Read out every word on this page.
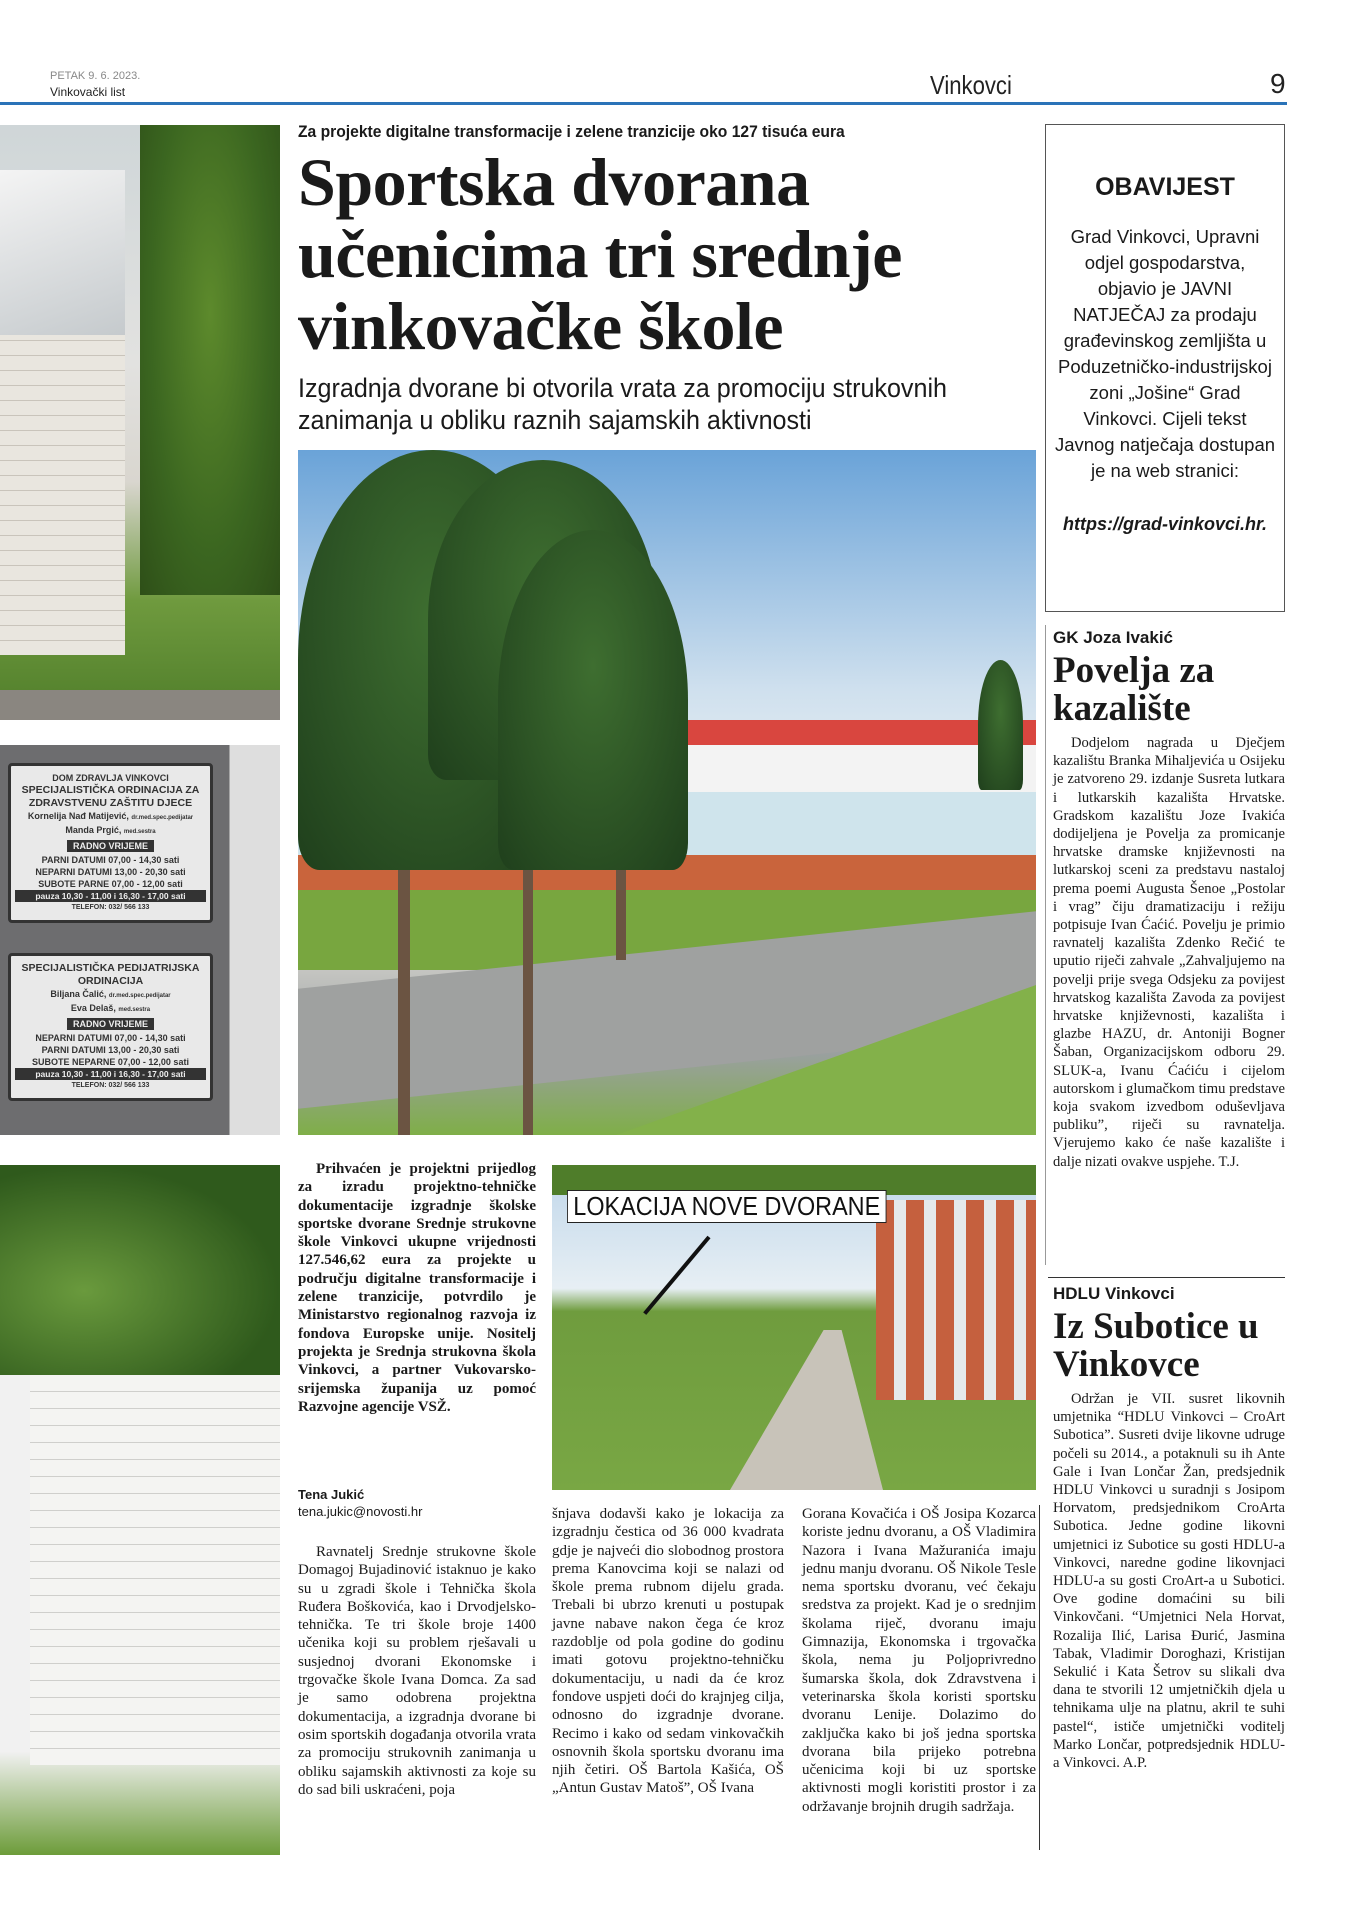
PETAK 9. 6. 2023.
Vinkovački list	Vinkovci	9
DOM ZDRAVLJA VINKOVCI
SPECIJALISTIČKA ORDINACIJA ZA
ZDRAVSTVENU ZAŠTITU DJECE
Kornelija Nađ Matijević, dr.med.spec.pedijatar
Manda Prgić, med.sestra
RADNO VRIJEME
PARNI DATUMI 07,00 - 14,30 sati
NEPARNI DATUMI 13,00 - 20,30 sati
SUBOTE PARNE 07,00 - 12,00 sati
pauza 10,30 - 11,00 i 16,30 - 17,00 sati
TELEFON: 032/ 566 133
SPECIJALISTIČKA PEDIJATRIJSKA
ORDINACIJA
Biljana Čalić, dr.med.spec.pedijatar
Eva Delaš, med.sestra
RADNO VRIJEME
NEPARNI DATUMI 07,00 - 14,30 sati
PARNI DATUMI 13,00 - 20,30 sati
SUBOTE NEPARNE 07,00 - 12,00 sati
pauza 10,30 - 11,00 i 16,30 - 17,00 sati
TELEFON: 032/ 566 133
Za projekte digitalne transformacije i zelene tranzicije oko 127 tisuća eura
Sportska dvorana
učenicima tri srednje
vinkovačke škole
Izgradnja dvorane bi otvorila vrata za promociju strukovnih
zanimanja u obliku raznih sajamskih aktivnosti
LOKACIJA NOVE DVORANE

Prihvaćen je projektni prijedlog za izradu projektno-tehničke dokumentacije izgradnje školske sportske dvorane Srednje strukovne škole Vinkovci ukupne vrijednosti 127.546,62 eura za projekte u području digitalne transformacije i zelene tranzicije, potvrdilo je Ministarstvo regionalnog razvoja iz fondova Europske unije. Nositelj projekta je Srednja strukovna škola Vinkovci, a partner Vukovarsko-srijemska županija uz pomoć Razvojne agencije VSŽ.

Tena Jukić
tena.jukic@novosti.hr

Ravnatelj Srednje strukovne škole Domagoj Bujadinović istaknuo je kako su u zgradi škole i Tehnička škola Ruđera Boškovića, kao i Drvodjelsko-tehnička. Te tri škole broje 1400 učenika koji su problem rješavali u susjednoj dvorani Ekonomske i trgovačke škole Ivana Domca. Za sad je samo odobrena projektna dokumentacija, a izgradnja dvorane bi osim sportskih događanja otvorila vrata za promociju strukovnih zanimanja u obliku sajamskih aktivnosti za koje su do sad bili uskraćeni, poja

šnjava dodavši kako je lokacija za izgradnju čestica od 36 000 kvadrata gdje je najveći dio slobodnog prostora prema Kanovcima koji se nalazi od škole prema rubnom dijelu grada. Trebali bi ubrzo krenuti u postupak javne nabave nakon čega će kroz razdoblje od pola godine do godinu imati gotovu projektno-tehničku dokumentaciju, u nadi da će kroz fondove uspjeti doći do krajnjeg cilja, odnosno do izgradnje dvorane. Recimo i kako od sedam vinkovačkih osnovnih škola sportsku dvoranu ima njih četiri. OŠ Bartola Kašića, OŠ „Antun Gustav Matoš”, OŠ Ivana
Gorana Kovačića i OŠ Josipa Kozarca koriste jednu dvoranu, a OŠ Vladimira Nazora i Ivana Mažuranića imaju jednu manju dvoranu. OŠ Nikole Tesle nema sportsku dvoranu, već čekaju sredstva za projekt. Kad je o srednjim školama riječ, dvoranu imaju Gimnazija, Ekonomska i trgovačka škola, nema ju Poljoprivredno šumarska škola, dok Zdravstvena i veterinarska škola koristi sportsku dvoranu Lenije. Dolazimo do zaključka kako bi još jedna sportska dvorana bila prijeko potrebna učenicima koji bi uz sportske aktivnosti mogli koristiti prostor i za održavanje brojnih drugih sadržaja.
OBAVIJEST
Grad Vinkovci, Upravni odjel gospodarstva, objavio je JAVNI NATJEČAJ za prodaju građevinskog zemljišta u Poduzetničko-industrijskoj zoni „Jošine“ Grad Vinkovci. Cijeli tekst Javnog natječaja dostupan je na web stranici:
https://grad-vinkovci.hr.
GK Joza Ivakić
Povelja za kazalište

Dodjelom nagrada u Dječjem kazalištu Branka Mihaljevića u Osijeku je zatvoreno 29. izdanje Susreta lutkara i lutkarskih kazališta Hrvatske. Gradskom kazalištu Joze Ivakića dodijeljena je Povelja za promicanje hrvatske dramske književnosti na lutkarskoj sceni za predstavu nastaloj prema poemi Augusta Šenoe „Postolar i vrag” čiju dramatizaciju i režiju potpisuje Ivan Ćaćić. Povelju je primio ravnatelj kazališta Zdenko Rečić te uputio riječi zahvale „Zahvaljujemo na povelji prije svega Odsjeku za povijest hrvatskog kazališta Zavoda za povijest hrvatske književnosti, kazališta i glazbe HAZU, dr. Antoniji Bogner Šaban, Organizacijskom odboru 29. SLUK-a, Ivanu Ćaćiću i cijelom autorskom i glumačkom timu predstave koja svakom izvedbom oduševljava publiku”, riječi su ravnatelja. Vjerujemo kako će naše kazalište i dalje nizati ovakve uspjehe. T.J.

HDLU Vinkovci
Iz Subotice u Vinkovce

Održan je VII. susret likovnih umjetnika “HDLU Vinkovci – CroArt Subotica”. Susreti dvije likovne udruge počeli su 2014., a potaknuli su ih Ante Gale i Ivan Lončar Žan, predsjednik HDLU Vinkovci u suradnji s Josipom Horvatom, predsjednikom CroArta Subotica. Jedne godine likovni umjetnici iz Subotice su gosti HDLU-a Vinkovci, naredne godine likovnjaci HDLU-a su gosti CroArt-a u Subotici. Ove godine domaćini su bili Vinkovčani. “Umjetnici Nela Horvat, Rozalija Ilić, Larisa Đurić, Jasmina Tabak, Vladimir Doroghazi, Kristijan Sekulić i Kata Šetrov su slikali dva dana te stvorili 12 umjetničkih djela u tehnikama ulje na platnu, akril te suhi pastel“, ističe umjetnički voditelj Marko Lončar, potpredsjednik HDLU-a Vinkovci. A.P.
